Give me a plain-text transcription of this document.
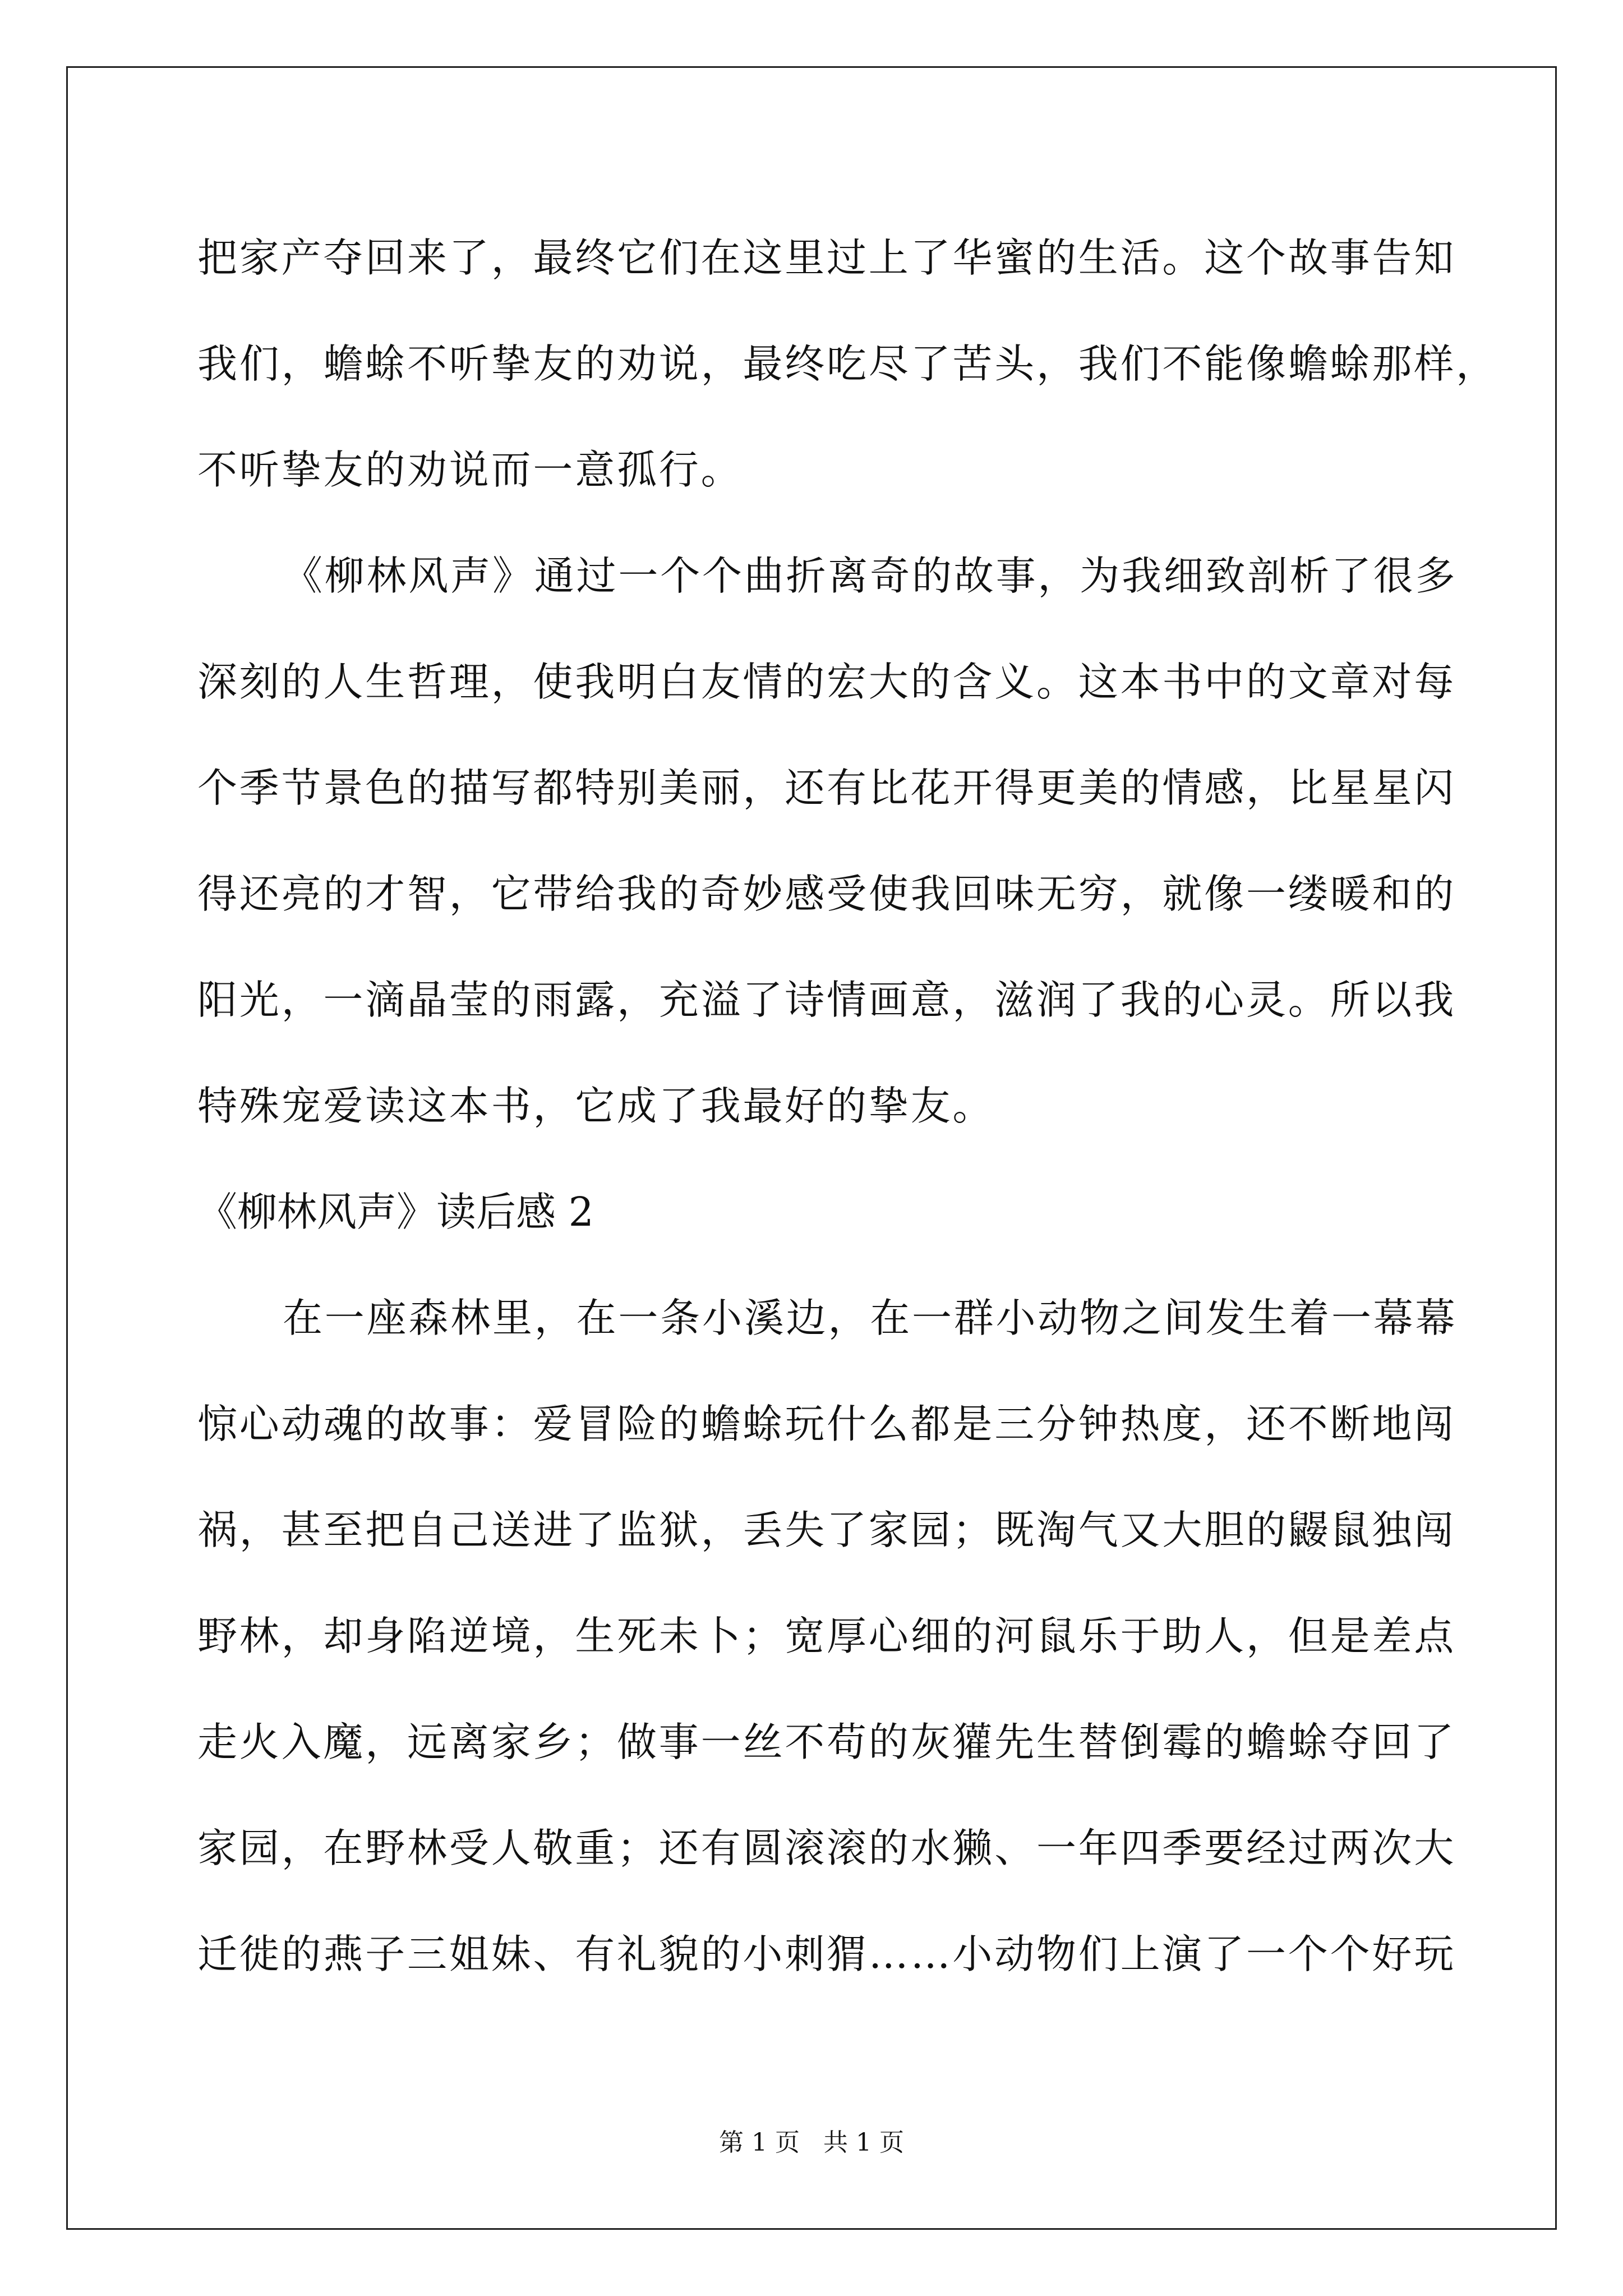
把家产夺回来了，最终它们在这里过上了华蜜的生活。这个故事告知
我们，蟾蜍不听挚友的劝说，最终吃尽了苦头，我们不能像蟾蜍那样，
不听挚友的劝说而一意孤行。
《柳林风声》通过一个个曲折离奇的故事，为我细致剖析了很多
深刻的人生哲理，使我明白友情的宏大的含义。这本书中的文章对每
个季节景色的描写都特别美丽，还有比花开得更美的情感，比星星闪
得还亮的才智，它带给我的奇妙感受使我回味无穷，就像一缕暖和的
阳光，一滴晶莹的雨露，充溢了诗情画意，滋润了我的心灵。所以我
特殊宠爱读这本书，它成了我最好的挚友。
《柳林风声》读后感 2
在一座森林里，在一条小溪边，在一群小动物之间发生着一幕幕
惊心动魂的故事：爱冒险的蟾蜍玩什么都是三分钟热度，还不断地闯
祸，甚至把自己送进了监狱，丢失了家园；既淘气又大胆的鼹鼠独闯
野林，却身陷逆境，生死未卜；宽厚心细的河鼠乐于助人，但是差点
走火入魔，远离家乡；做事一丝不苟的灰獾先生替倒霉的蟾蜍夺回了
家园，在野林受人敬重；还有圆滚滚的水獭、一年四季要经过两次大
迁徙的燕子三姐妹、有礼貌的小刺猬……小动物们上演了一个个好玩
第 1 页   共 1 页
